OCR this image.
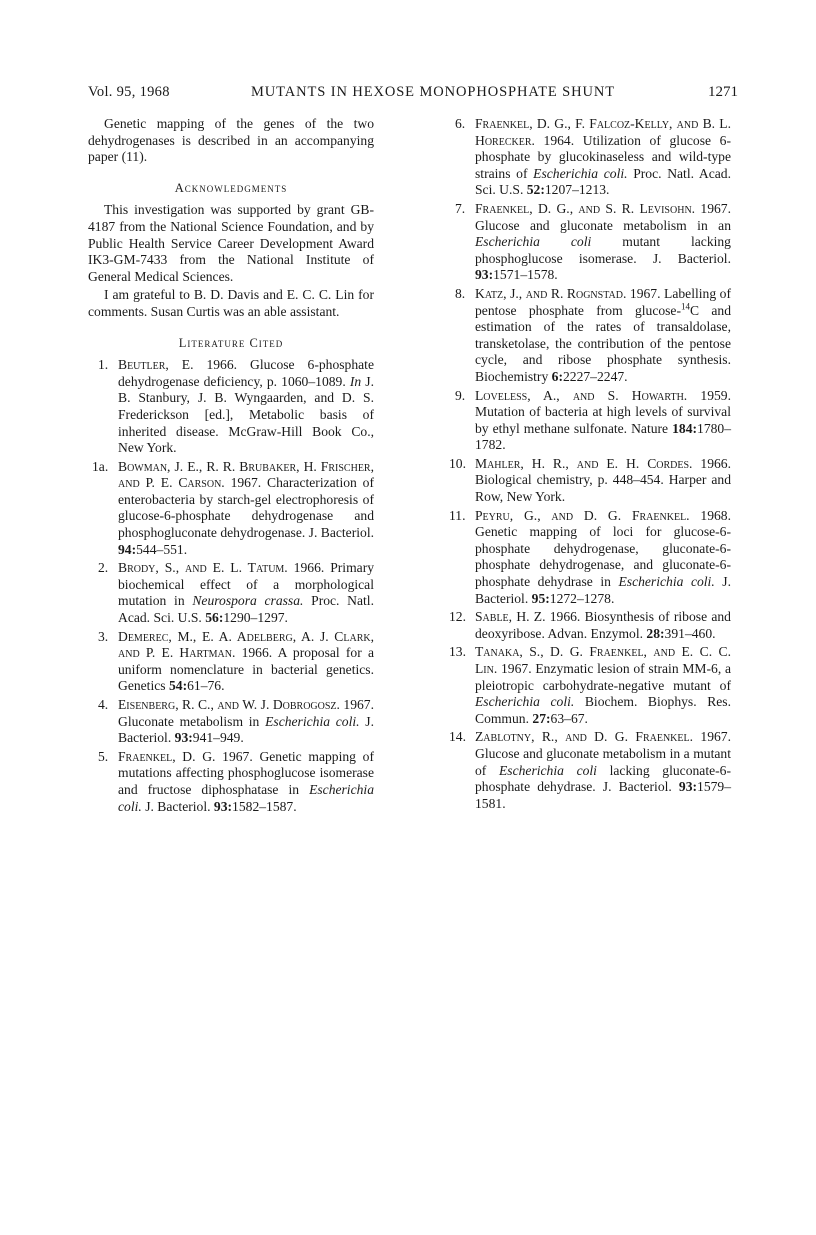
Vol. 95, 1968	MUTANTS IN HEXOSE MONOPHOSPHATE SHUNT	1271

Genetic mapping of the genes of the two dehydrogenases is described in an accompanying paper (11).

Acknowledgments

This investigation was supported by grant GB-4187 from the National Science Foundation, and by Public Health Service Career Development Award IK3-GM-7433 from the National Institute of General Medical Sciences.

I am grateful to B. D. Davis and E. C. C. Lin for comments. Susan Curtis was an able assistant.

Literature Cited

1. Beutler, E. 1966. Glucose 6-phosphate dehydrogenase deficiency, p. 1060–1089. In J. B. Stanbury, J. B. Wyngaarden, and D. S. Frederickson [ed.], Metabolic basis of inherited disease. McGraw-Hill Book Co., New York.

1a. Bowman, J. E., R. R. Brubaker, H. Frischer, and P. E. Carson. 1967. Characterization of enterobacteria by starch-gel electrophoresis of glucose-6-phosphate dehydrogenase and phosphogluconate dehydrogenase. J. Bacteriol. 94:544–551.

2. Brody, S., and E. L. Tatum. 1966. Primary biochemical effect of a morphological mutation in Neurospora crassa. Proc. Natl. Acad. Sci. U.S. 56:1290–1297.

3. Demerec, M., E. A. Adelberg, A. J. Clark, and P. E. Hartman. 1966. A proposal for a uniform nomenclature in bacterial genetics. Genetics 54:61–76.

4. Eisenberg, R. C., and W. J. Dobrogosz. 1967. Gluconate metabolism in Escherichia coli. J. Bacteriol. 93:941–949.

5. Fraenkel, D. G. 1967. Genetic mapping of mutations affecting phosphoglucose isomerase and fructose diphosphatase in Escherichia coli. J. Bacteriol. 93:1582–1587.

6. Fraenkel, D. G., F. Falcoz-Kelly, and B. L. Horecker. 1964. Utilization of glucose 6-phosphate by glucokinaseless and wild-type strains of Escherichia coli. Proc. Natl. Acad. Sci. U.S. 52:1207–1213.

7. Fraenkel, D. G., and S. R. Levisohn. 1967. Glucose and gluconate metabolism in an Escherichia coli mutant lacking phosphoglucose isomerase. J. Bacteriol. 93:1571–1578.

8. Katz, J., and R. Rognstad. 1967. Labelling of pentose phosphate from glucose-$^{14}$C and estimation of the rates of transaldolase, transketolase, the contribution of the pentose cycle, and ribose phosphate synthesis. Biochemistry 6:2227–2247.

9. Loveless, A., and S. Howarth. 1959. Mutation of bacteria at high levels of survival by ethyl methane sulfonate. Nature 184:1780–1782.

10. Mahler, H. R., and E. H. Cordes. 1966. Biological chemistry, p. 448–454. Harper and Row, New York.

11. Peyru, G., and D. G. Fraenkel. 1968. Genetic mapping of loci for glucose-6-phosphate dehydrogenase, gluconate-6-phosphate dehydrogenase, and gluconate-6-phosphate dehydrase in Escherichia coli. J. Bacteriol. 95:1272–1278.

12. Sable, H. Z. 1966. Biosynthesis of ribose and deoxyribose. Advan. Enzymol. 28:391–460.

13. Tanaka, S., D. G. Fraenkel, and E. C. C. Lin. 1967. Enzymatic lesion of strain MM-6, a pleiotropic carbohydrate-negative mutant of Escherichia coli. Biochem. Biophys. Res. Commun. 27:63–67.

14. Zablotny, R., and D. G. Fraenkel. 1967. Glucose and gluconate metabolism in a mutant of Escherichia coli lacking gluconate-6-phosphate dehydrase. J. Bacteriol. 93:1579–1581.
